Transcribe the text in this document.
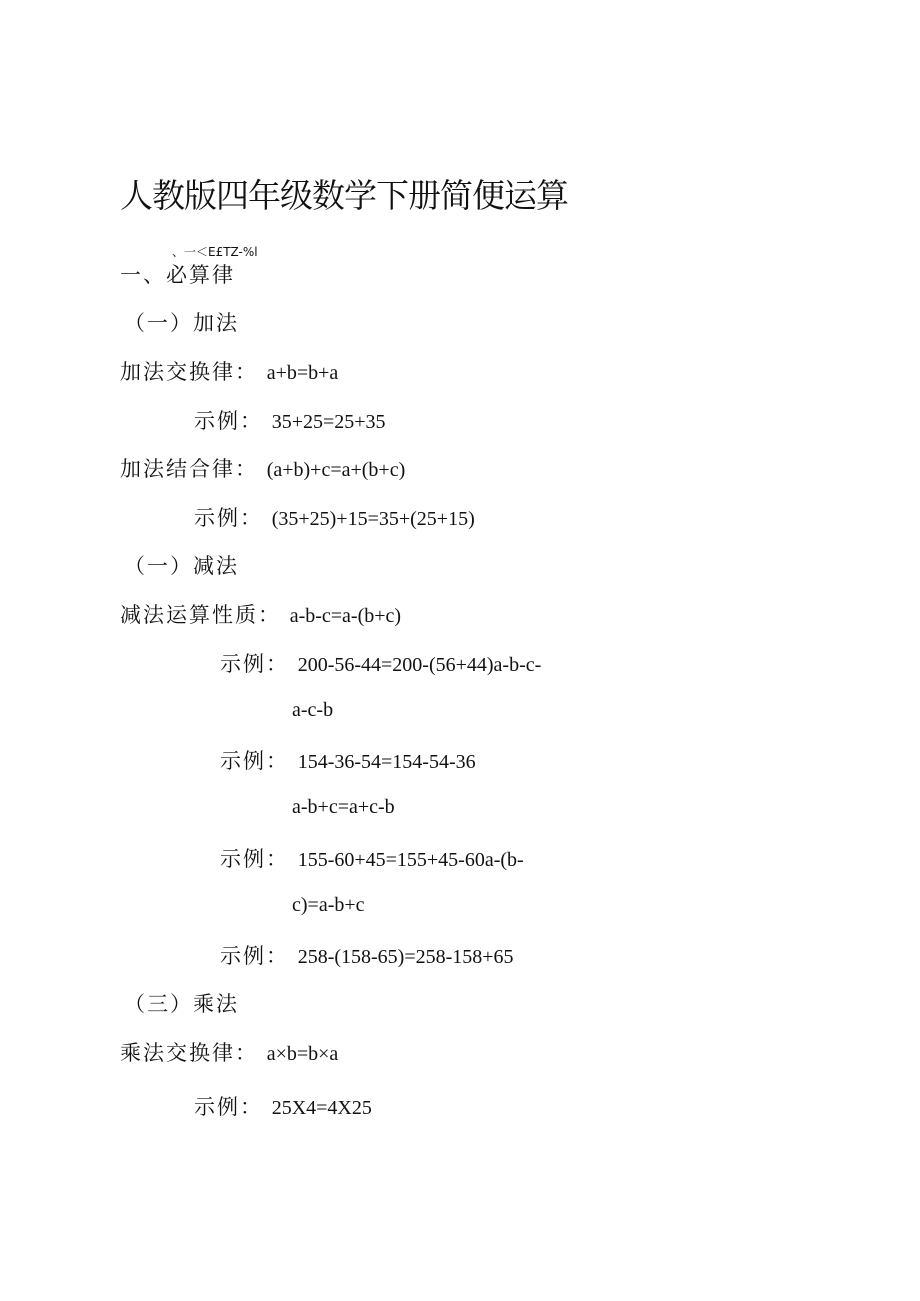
人教版四年级数学下册简便运算
、一＜E£TZ-%l
一、必算律
（一）加法
加法交换律： a+b=b+a
示例： 35+25=25+35
加法结合律： (a+b)+c=a+(b+c)
示例： (35+25)+15=35+(25+15)
（一）减法
减法运算性质： a-b-c=a-(b+c)
示例： 200-56-44=200-(56+44)a-b-c-
a-c-b
示例： 154-36-54=154-54-36
a-b+c=a+c-b
示例： 155-60+45=155+45-60a-(b-
c)=a-b+c
示例： 258-(158-65)=258-158+65
（三）乘法
乘法交换律： a×b=b×a
示例： 25X4=4X25
